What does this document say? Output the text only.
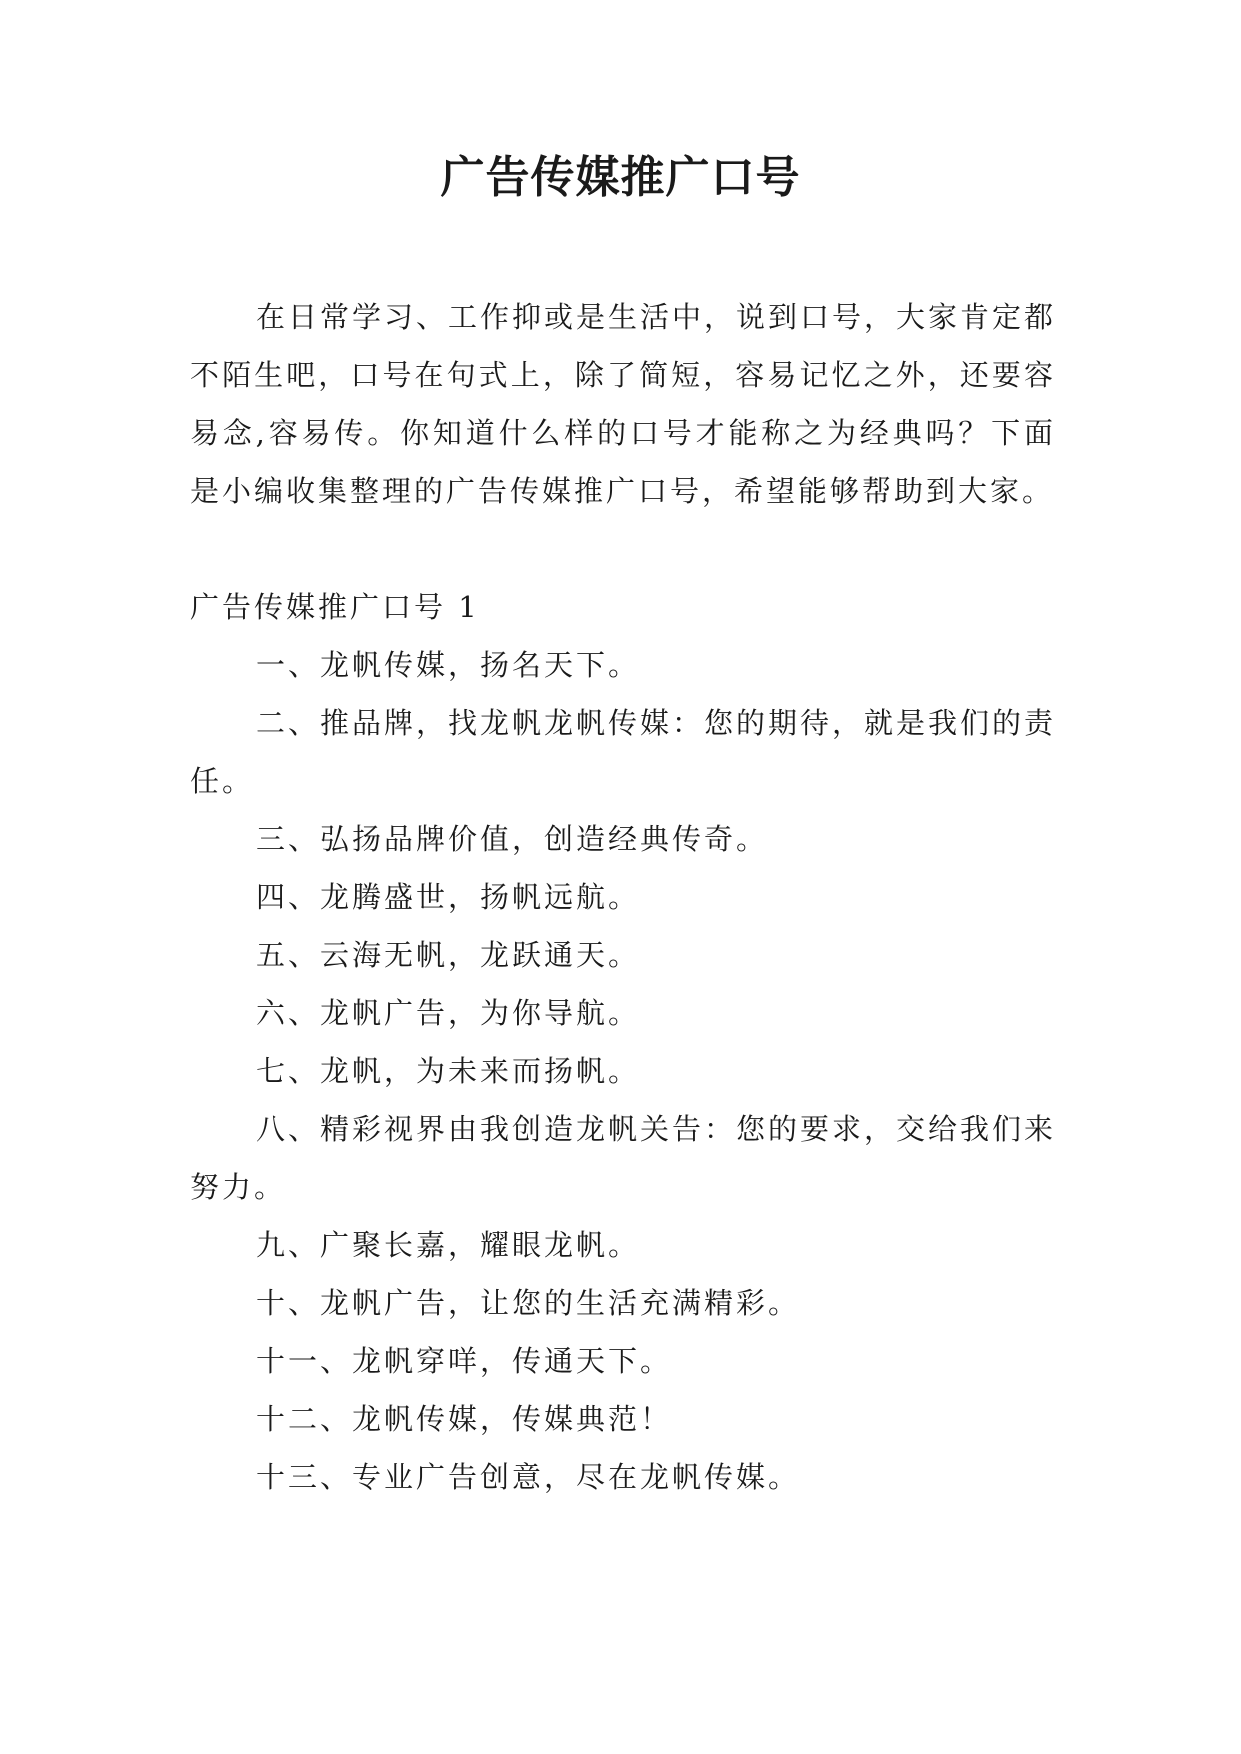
广告传媒推广口号

在日常学习、工作抑或是生活中，说到口号，大家肯定都不陌生吧，口号在句式上，除了简短，容易记忆之外，还要容易念,容易传。你知道什么样的口号才能称之为经典吗？下面是小编收集整理的广告传媒推广口号，希望能够帮助到大家。

广告传媒推广口号 1

一、龙帆传媒，扬名天下。

二、推品牌，找龙帆龙帆传媒：您的期待，就是我们的责任。

三、弘扬品牌价值，创造经典传奇。

四、龙腾盛世，扬帆远航。

五、云海无帆，龙跃通天。

六、龙帆广告，为你导航。

七、龙帆，为未来而扬帆。

八、精彩视界由我创造龙帆关告：您的要求，交给我们来努力。

九、广聚长嘉，耀眼龙帆。

十、龙帆广告，让您的生活充满精彩。

十一、龙帆穿咩，传通天下。

十二、龙帆传媒，传媒典范！

十三、专业广告创意，尽在龙帆传媒。
